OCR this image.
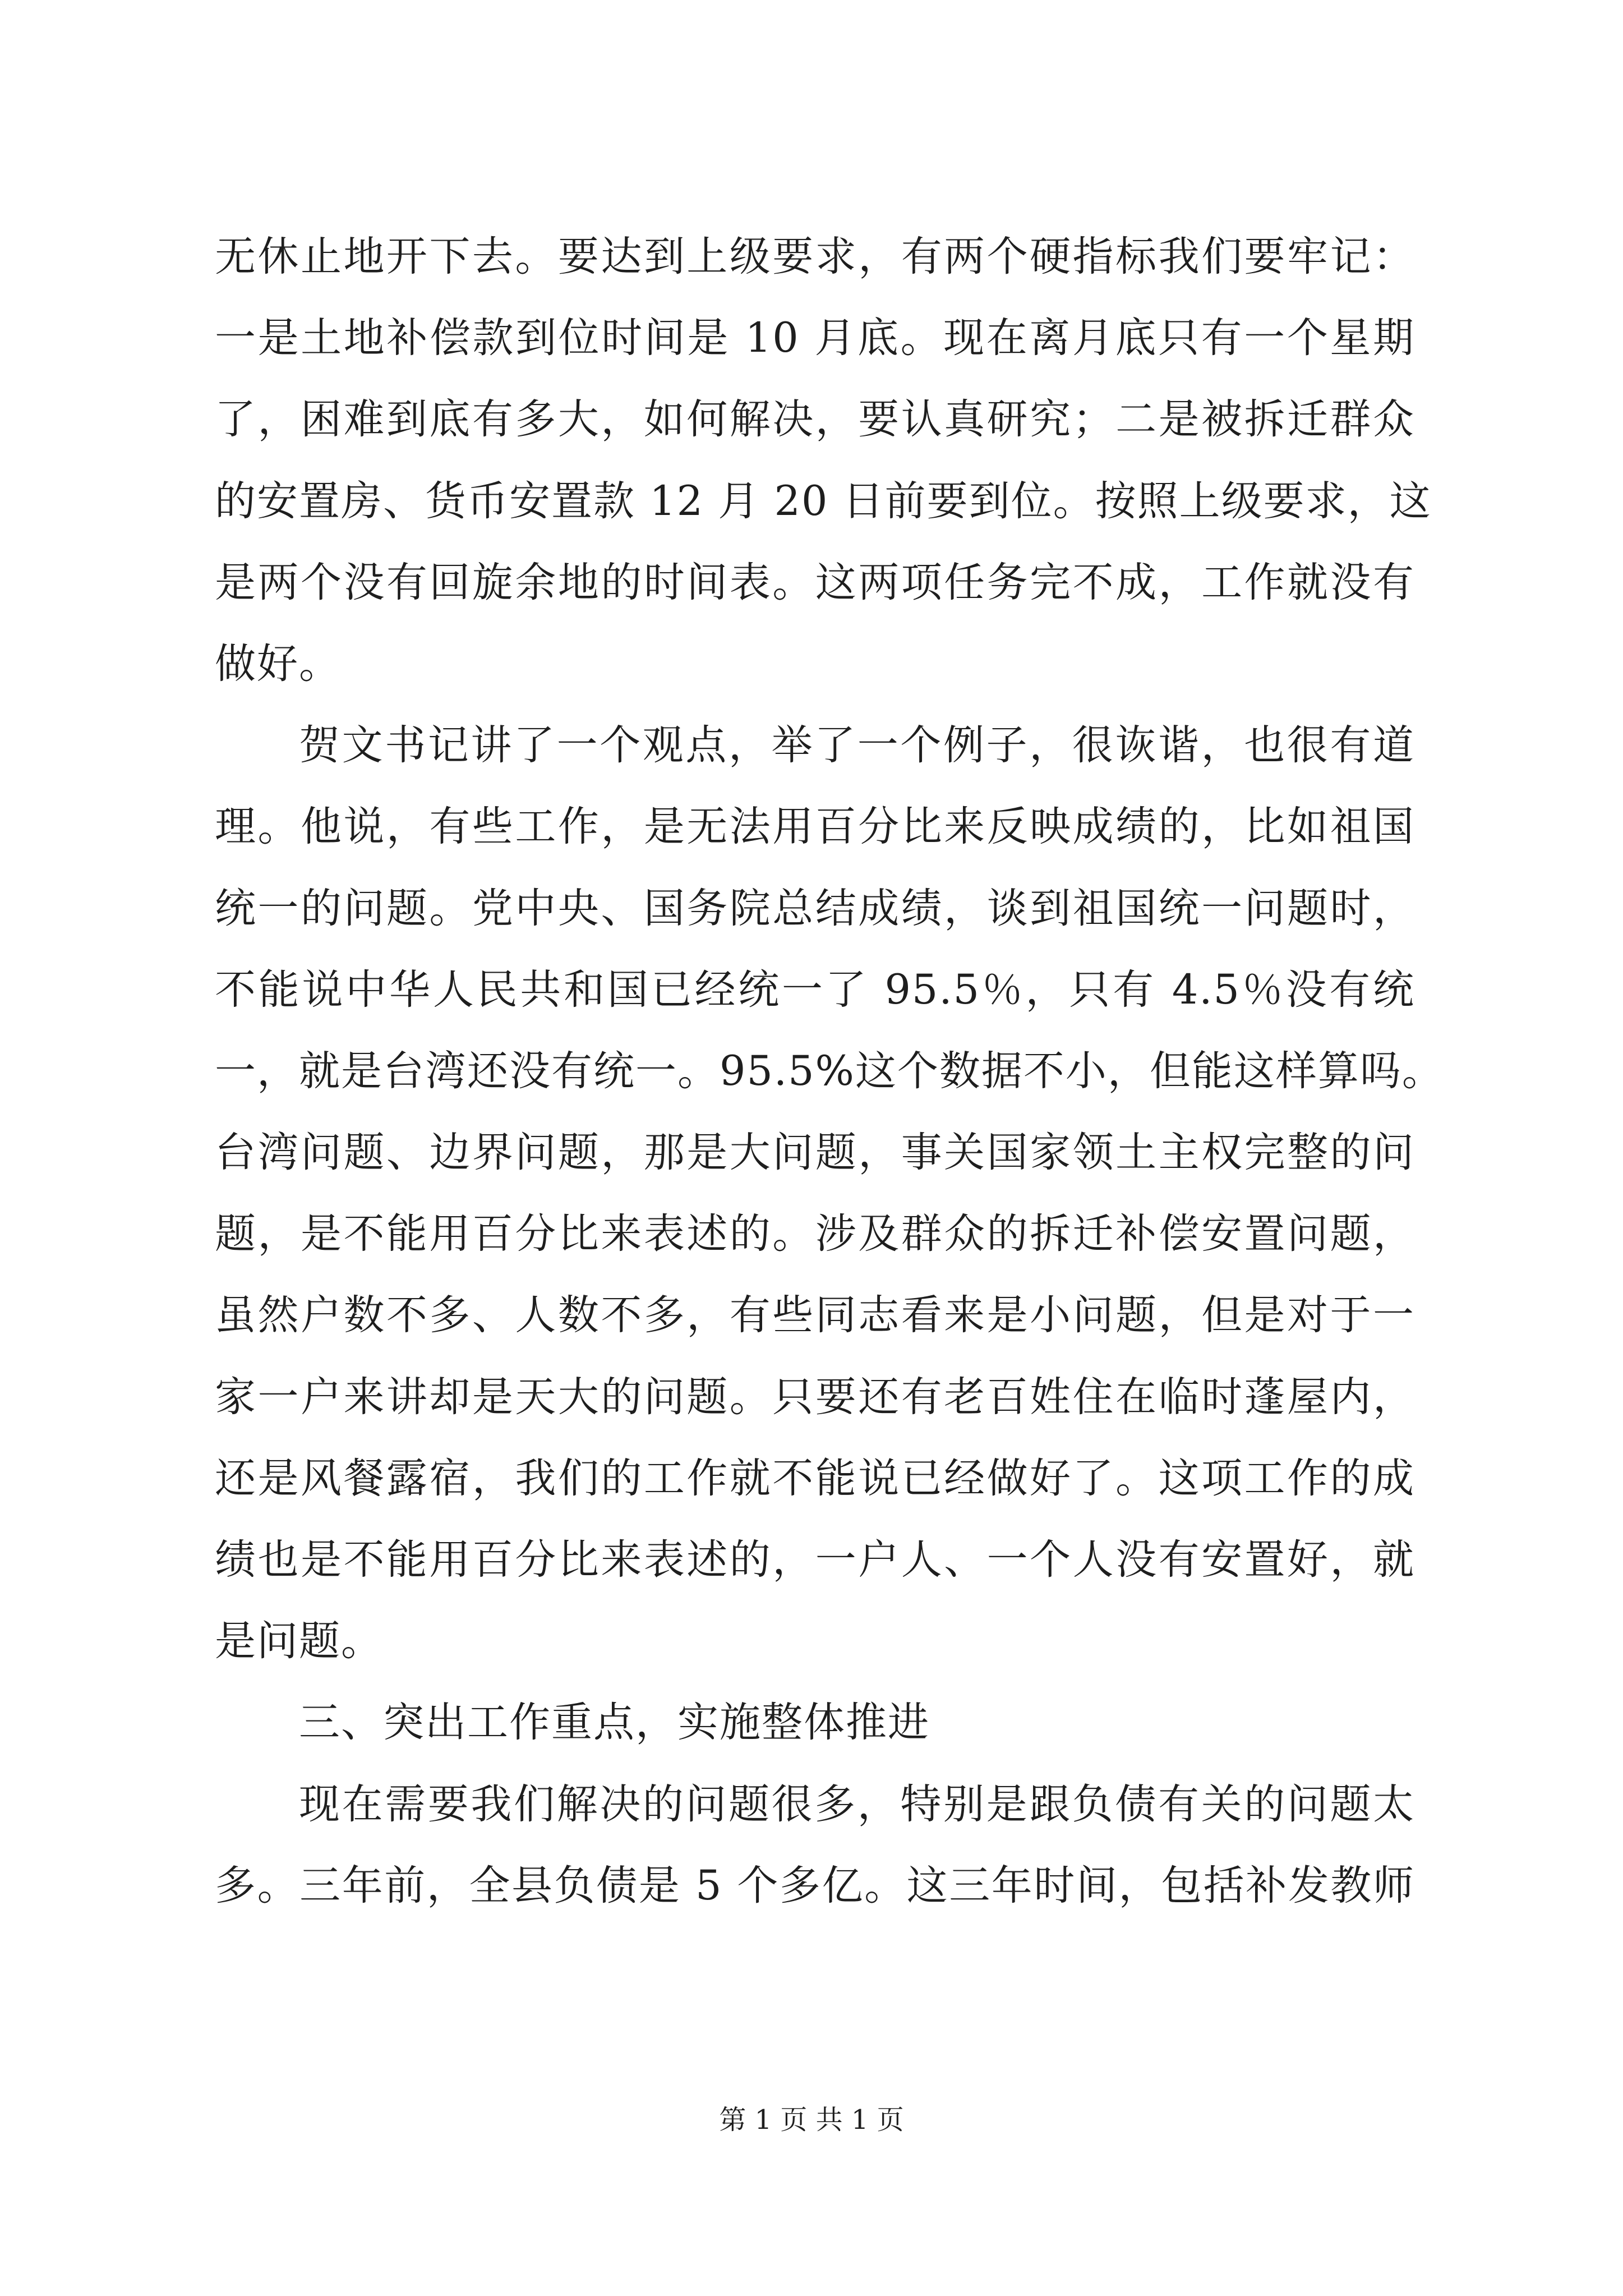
无休止地开下去。要达到上级要求，有两个硬指标我们要牢记：
一是土地补偿款到位时间是 10 月底。现在离月底只有一个星期
了，困难到底有多大，如何解决，要认真研究；二是被拆迁群众
的安置房、货币安置款 12 月 20 日前要到位。按照上级要求，这
是两个没有回旋余地的时间表。这两项任务完不成，工作就没有
做好。
贺文书记讲了一个观点，举了一个例子，很诙谐，也很有道
理。他说，有些工作，是无法用百分比来反映成绩的，比如祖国
统一的问题。党中央、国务院总结成绩，谈到祖国统一问题时，
不能说中华人民共和国已经统一了 95.5％，只有 4.5％没有统
一，就是台湾还没有统一。95.5%这个数据不小，但能这样算吗。
台湾问题、边界问题，那是大问题，事关国家领土主权完整的问
题，是不能用百分比来表述的。涉及群众的拆迁补偿安置问题，
虽然户数不多、人数不多，有些同志看来是小问题，但是对于一
家一户来讲却是天大的问题。只要还有老百姓住在临时蓬屋内，
还是风餐露宿，我们的工作就不能说已经做好了。这项工作的成
绩也是不能用百分比来表述的，一户人、一个人没有安置好，就
是问题。
三、突出工作重点，实施整体推进
现在需要我们解决的问题很多，特别是跟负债有关的问题太
多。三年前，全县负债是 5 个多亿。这三年时间，包括补发教师
第 1 页 共 1 页
